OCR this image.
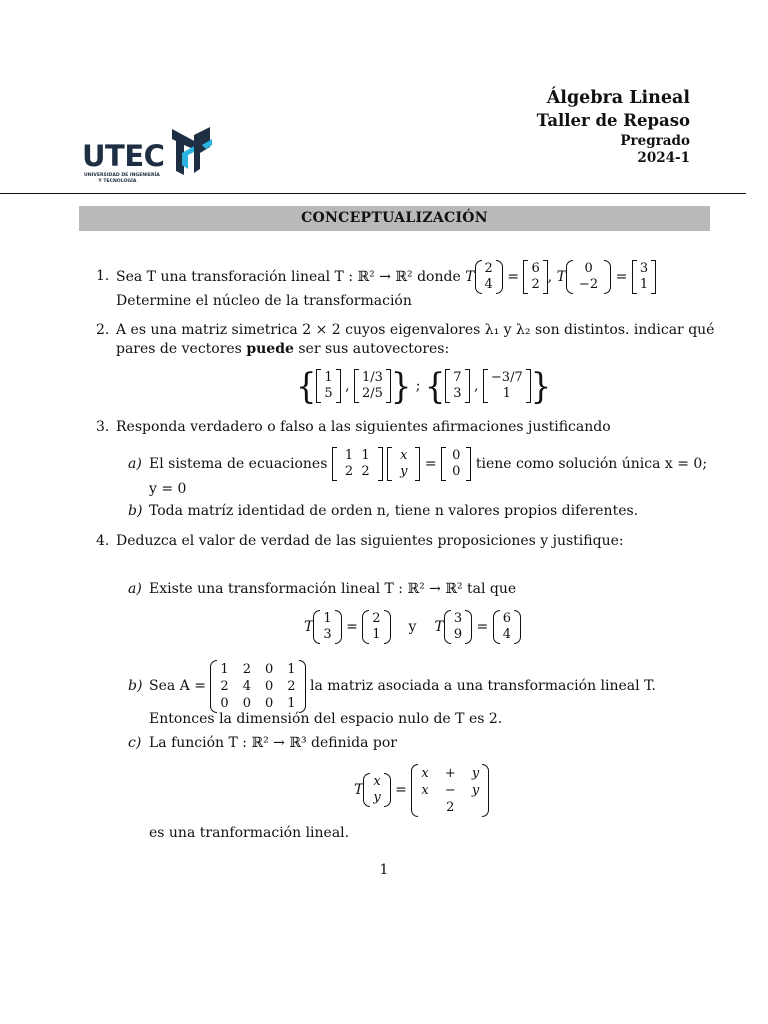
UTEC
UNIVERSIDAD DE INGENIERÍA
Y TECNOLOGÍA
Álgebra Lineal
Taller de Repaso
Pregrado
2024-1
CONCEPTUALIZACIÓN
1. Sea T una transforación lineal T : ℝ² → ℝ² donde
T
2
4 =
6
2 , T
0
−2 =
3
1
Determine el núcleo de la transformación
2. A es una matriz simetrica 2 × 2 cuyos eigenvalores λ₁ y λ₂ son distintos. indicar qué
pares de vectores puede ser sus autovectores:
{ 1
5 ,
1/3
2/5 } ; { 7
3 ,
−3/7
1 }
3. Responda verdadero o falso a las siguientes afirmaciones justificando
a) El sistema de ecuaciones

1  1
2  2

x
y =
0
0
tiene como solución única x = 0;
y = 0
b) Toda matríz identidad de orden n, tiene n valores propios diferentes.
4. Deduzca el valor de verdad de las siguientes proposiciones y justifique:
a) Existe una transformación lineal T : ℝ² → ℝ² tal que
T
1
3 =
2
1 y T
3
9 =
6
4
b) Sea A =

1 2 0 1
2 4 0 2
0 0 0 1

la matriz asociada a una transformación lineal T.
Entonces la dimensión del espacio nulo de T es 2.
c) La función T : ℝ² → ℝ³ definida por
T
x
y =
x + y
x − y
2
es una tranformación lineal.
1
